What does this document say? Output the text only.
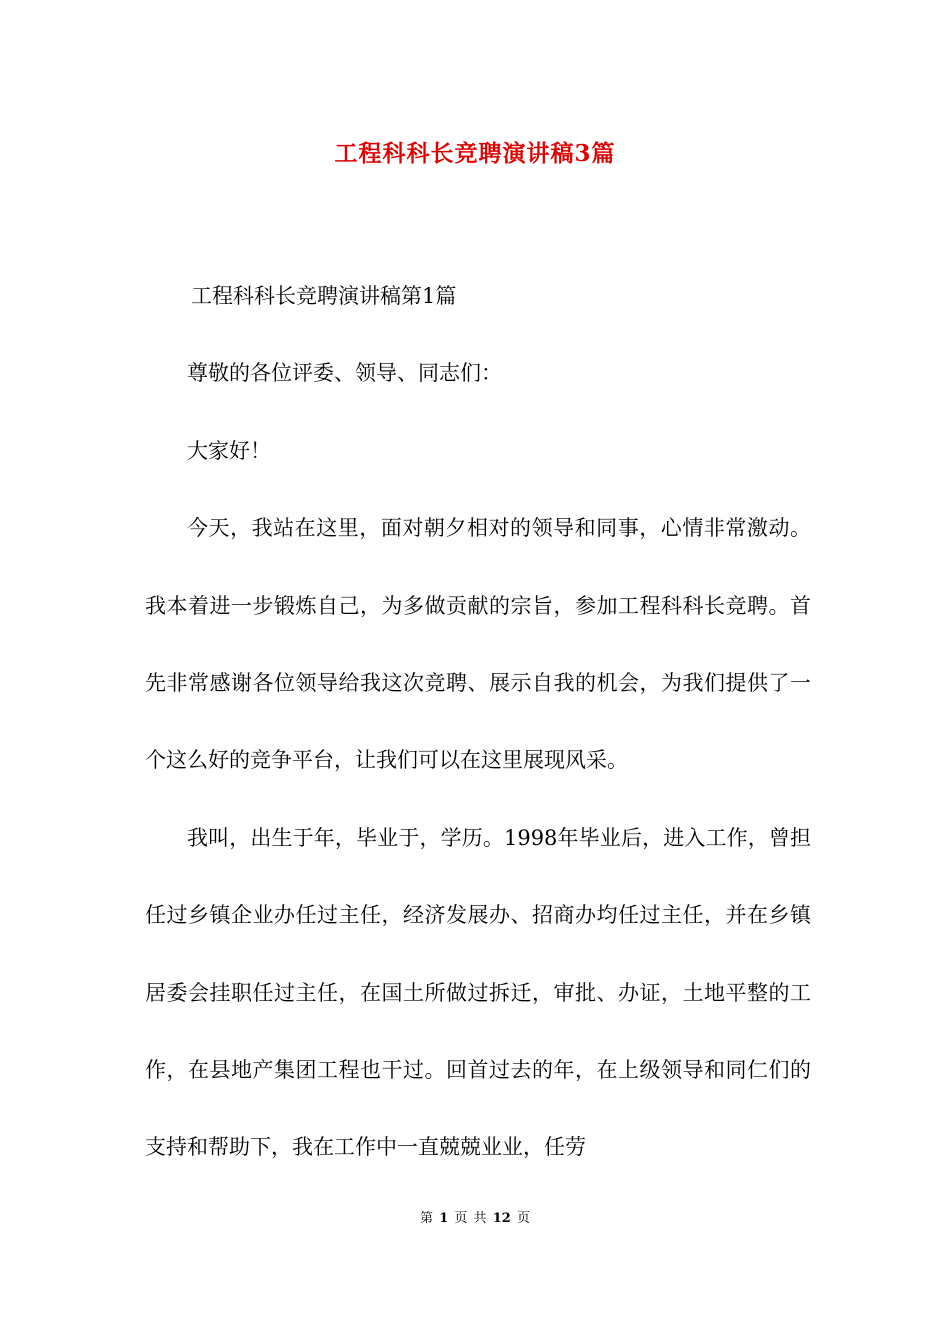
工程科科长竞聘演讲稿3篇

工程科科长竞聘演讲稿第1篇

尊敬的各位评委、领导、同志们：

大家好！

今天，我站在这里，面对朝夕相对的领导和同事，心情非常激动。我本着进一步锻炼自己，为多做贡献的宗旨，参加工程科科长竞聘。首先非常感谢各位领导给我这次竞聘、展示自我的机会，为我们提供了一个这么好的竞争平台，让我们可以在这里展现风采。

我叫，出生于年，毕业于，学历。1998年毕业后，进入工作，曾担任过乡镇企业办任过主任，经济发展办、招商办均任过主任，并在乡镇居委会挂职任过主任，在国土所做过拆迁，审批、办证，土地平整的工作，在县地产集团工程也干过。回首过去的年，在上级领导和同仁们的支持和帮助下，我在工作中一直兢兢业业，任劳

第 1 页 共 12 页
